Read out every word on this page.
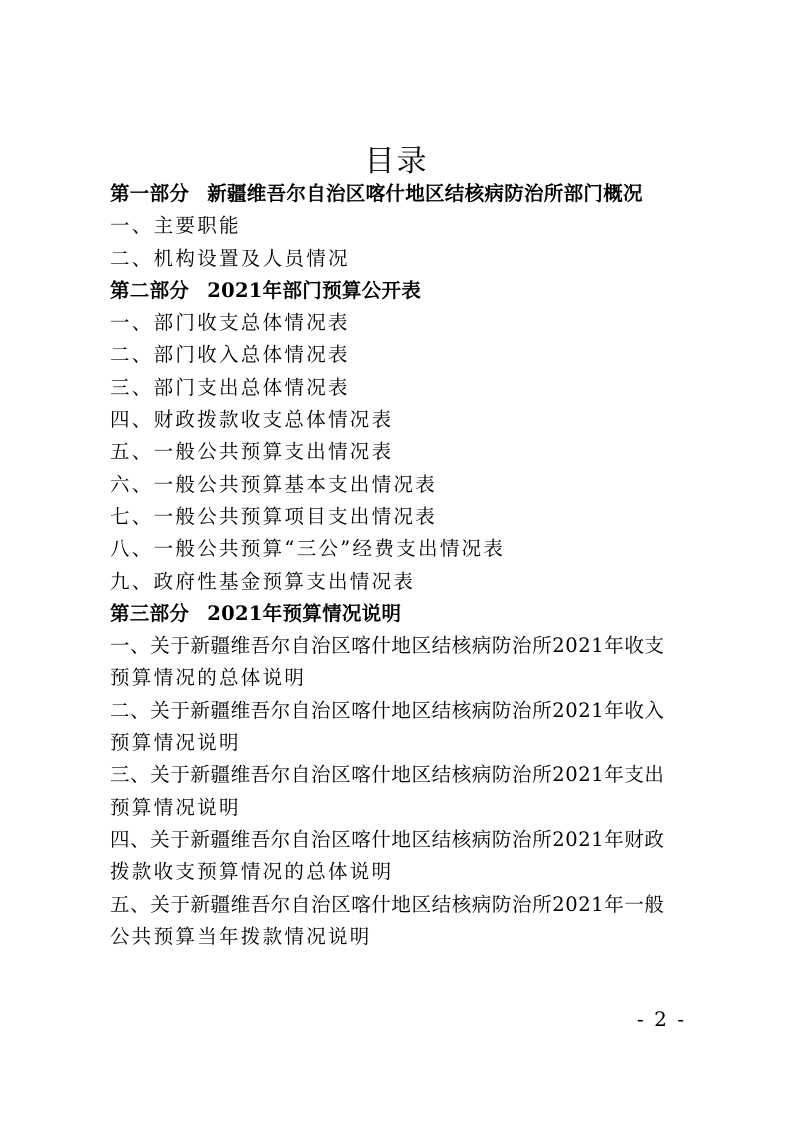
目录
第一部分 新疆维吾尔自治区喀什地区结核病防治所部门概况
一、主要职能
二、机构设置及人员情况
第二部分 2021年部门预算公开表
一、部门收支总体情况表
二、部门收入总体情况表
三、部门支出总体情况表
四、财政拨款收支总体情况表
五、一般公共预算支出情况表
六、一般公共预算基本支出情况表
七、一般公共预算项目支出情况表
八、一般公共预算“三公”经费支出情况表
九、政府性基金预算支出情况表
第三部分 2021年预算情况说明
一、关于新疆维吾尔自治区喀什地区结核病防治所2021年收支
预算情况的总体说明
二、关于新疆维吾尔自治区喀什地区结核病防治所2021年收入
预算情况说明
三、关于新疆维吾尔自治区喀什地区结核病防治所2021年支出
预算情况说明
四、关于新疆维吾尔自治区喀什地区结核病防治所2021年财政
拨款收支预算情况的总体说明
五、关于新疆维吾尔自治区喀什地区结核病防治所2021年一般
公共预算当年拨款情况说明
- 2 -
